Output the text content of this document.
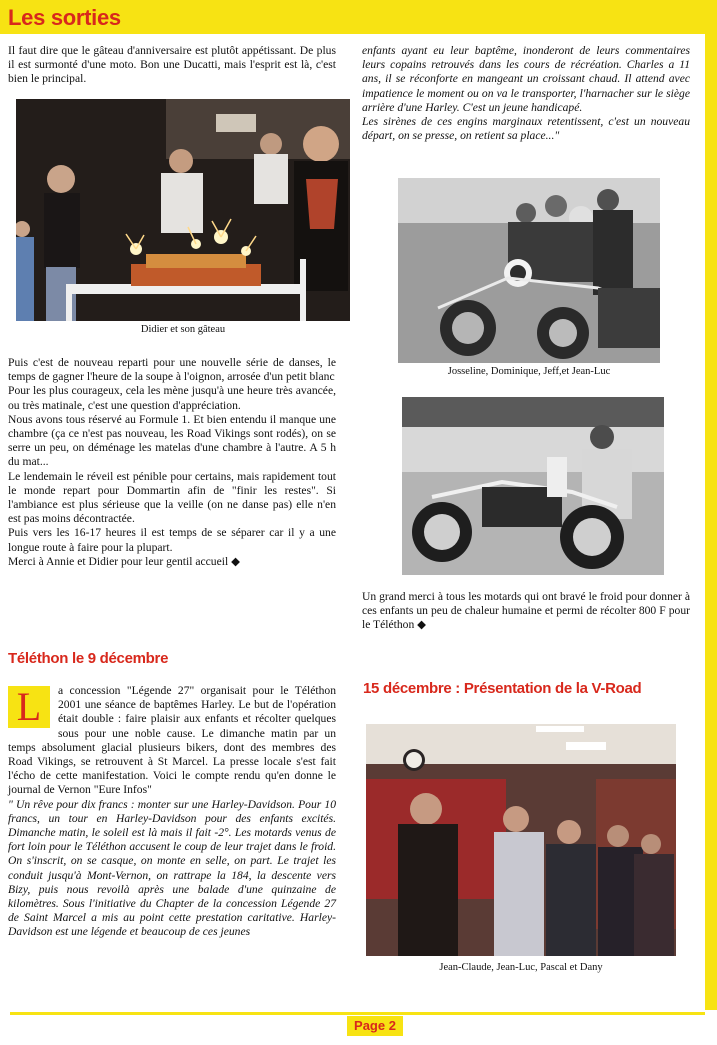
Les sorties

Il faut dire que le gâteau d'anniversaire est plutôt appétissant. De plus il est surmonté d'une moto. Bon une Ducatti, mais l'esprit est là, c'est bien le principal.

Didier et son gâteau

Puis c'est de nouveau reparti pour une nouvelle série de danses, le temps de gagner l'heure de la soupe à l'oignon, arrosée d'un petit blanc

Pour les plus courageux, cela les mène jusqu'à une heure très avancée, ou très matinale, c'est une question d'appréciation.

Nous avons tous réservé au Formule 1. Et bien entendu il manque une chambre (ça ce n'est pas nouveau, les Road Vikings sont rodés), on se serre un peu, on déménage les matelas d'une chambre à l'autre. A 5 h du mat...

Le lendemain le réveil est pénible pour certains, mais rapidement tout le monde repart pour Dommartin afin de "finir les restes". Si l'ambiance est plus sérieuse que la veille (on ne danse pas) elle n'en est pas moins décontractée.

Puis vers les 16-17 heures il est temps de se séparer car il y a une longue route à faire pour la plupart.

Merci à Annie et Didier pour leur gentil accueil ◆

Téléthon le 9 décembre
L	a concession "Légende 27" organisait pour le Téléthon 2001 une séance de baptêmes Harley. Le but de l'opération était double : faire plaisir aux enfants et récolter quelques sous pour une noble cause. Le dimanche matin par un temps absolument glacial plusieurs bikers, dont des membres des Road Vikings, se retrouvent à St Marcel. La presse locale s'est fait l'écho de cette manifestation. Voici le compte rendu qu'en donne le journal de Vernon "Eure Infos"

" Un rêve pour dix francs : monter sur une Harley-Davidson. Pour 10 francs, un tour en Harley-Davidson pour des enfants excités. Dimanche matin, le soleil est là mais il fait -2°. Les motards venus de fort loin pour le Téléthon accusent le coup de leur trajet dans le froid. On s'inscrit, on se casque, on monte en selle, on part. Le trajet les conduit jusqu'à Mont-Vernon, on rattrape la 184, la descente vers Bizy, puis nous revoilà après une balade d'une quinzaine de kilomètres. Sous l'initiative du Chapter de la concession Légende 27 de Saint Marcel a mis au point cette prestation caritative. Harley-Davidson est une légende et beaucoup de ces jeunes

enfants ayant eu leur baptême, inonderont de leurs commentaires leurs copains retrouvés dans les cours de récréation. Charles a 11 ans, il se réconforte en mangeant un croissant chaud. Il attend avec impatience le moment ou on va le transporter, l'harnacher sur le siège arrière d'une Harley. C'est un jeune handicapé.

Les sirènes de ces engins marginaux retentissent, c'est un nouveau départ, on se presse, on retient sa place..."

Josseline, Dominique, Jeff,et Jean-Luc

Un grand merci à tous les motards qui ont bravé le froid pour donner à ces enfants un peu de chaleur humaine et permi de récolter 800 F pour le Téléthon ◆

15 décembre : Présentation de la V-Road
Jean-Claude, Jean-Luc, Pascal et Dany
Page 2
